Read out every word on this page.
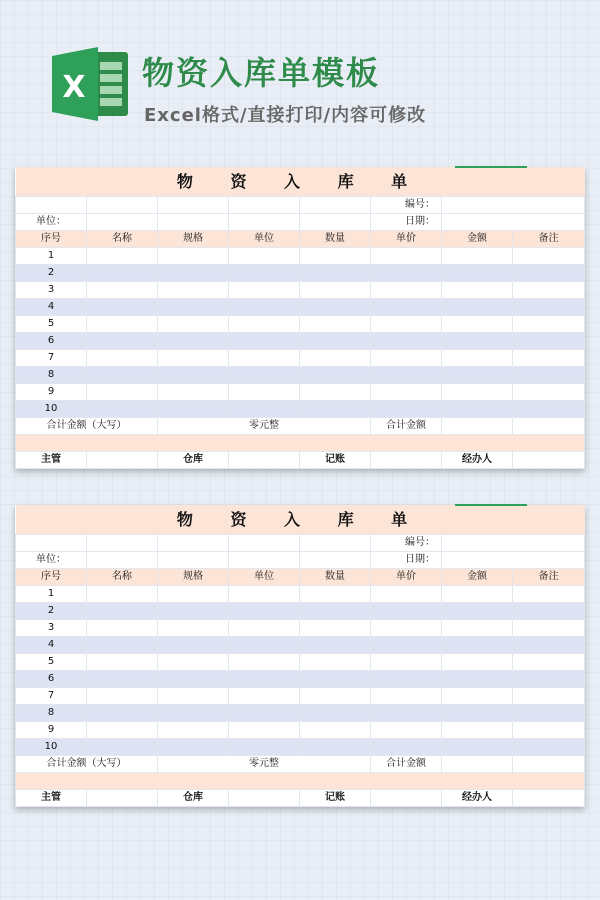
X 物资入库单模板
Excel格式/直接打印/内容可修改
物 资 入 库 单							
					编号：		
单位：					日期：		
序号	名称	规格	单位	数量	单价	金额	备注
1							
2							
3							
4							
5							
6							
7							
8							
9							
10							
合计金额（大写）		零元整			合计金额		

主管		仓库		记账		经办人	
物 资 入 库 单							
					编号：		
单位：					日期：		
序号	名称	规格	单位	数量	单价	金额	备注
1							
2							
3							
4							
5							
6							
7							
8							
9							
10							
合计金额（大写）		零元整			合计金额		

主管		仓库		记账		经办人	
